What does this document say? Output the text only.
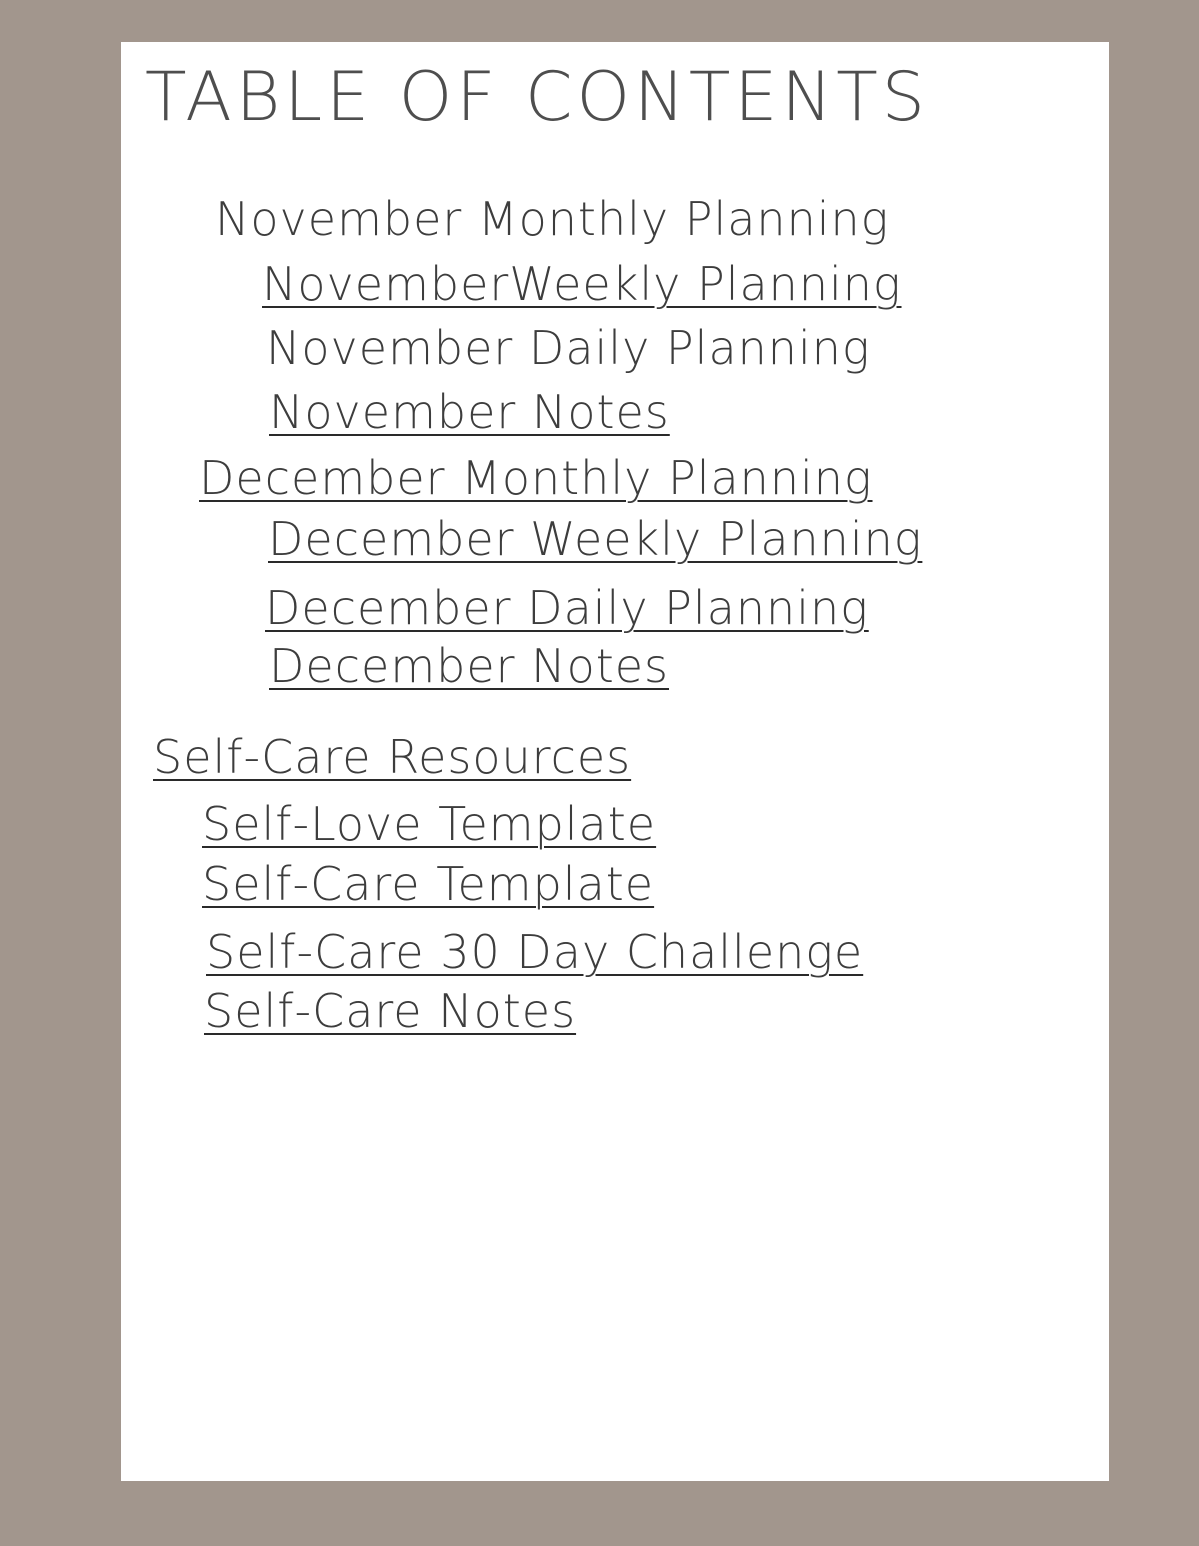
TABLE OF CONTENTS
November Monthly Planning
NovemberWeekly Planning
November Daily Planning
November Notes
December Monthly Planning
December Weekly Planning
December Daily Planning
December Notes
Self-Care Resources
Self-Love Template
Self-Care Template
Self-Care 30 Day Challenge
Self-Care Notes
